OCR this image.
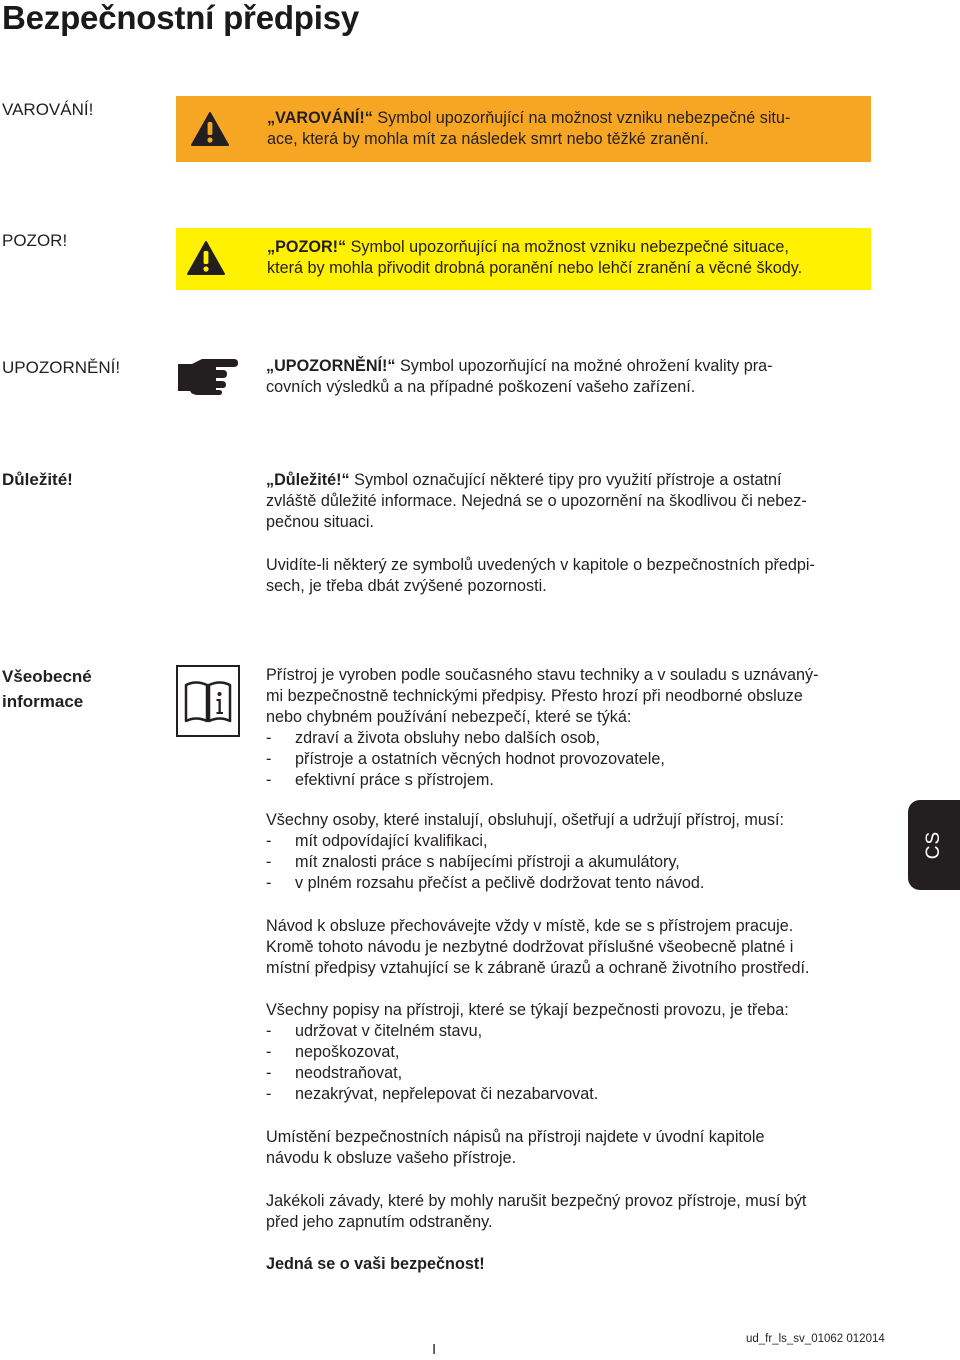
Bezpečnostní předpisy
VAROVÁNÍ!	„VAROVÁNÍ!“ Symbol upozorňující na možnost vzniku nebezpečné situ-
ace, která by mohla mít za následek smrt nebo těžké zranění.
POZOR!	„POZOR!“ Symbol upozorňující na možnost vzniku nebezpečné situace,
která by mohla přivodit drobná poranění nebo lehčí zranění a věcné škody.
UPOZORNĚNÍ!	„UPOZORNĚNÍ!“ Symbol upozorňující na možné ohrožení kvality pra-
covních výsledků a na případné poškození vašeho zařízení.
Důležité!	„Důležité!“ Symbol označující některé tipy pro využití přístroje a ostatní
zvláště důležité informace. Nejedná se o upozornění na škodlivou či nebez-
pečnou situaci.
Uvidíte-li některý ze symbolů uvedených v kapitole o bezpečnostních předpi-
sech, je třeba dbát zvýšené pozornosti.
Všeobecné
informace
Přístroj je vyroben podle současného stavu techniky a v souladu s uznávaný-
mi bezpečnostně technickými předpisy. Přesto hrozí při neodborné obsluze
nebo chybném používání nebezpečí, které se týká:
- zdraví a života obsluhy nebo dalších osob,
- přístroje a ostatních věcných hodnot provozovatele,
- efektivní práce s přístrojem.
Všechny osoby, které instalují, obsluhují, ošetřují a udržují přístroj, musí:
- mít odpovídající kvalifikaci,
- mít znalosti práce s nabíjecími přístroji a akumulátory,
- v plném rozsahu přečíst a pečlivě dodržovat tento návod.
Návod k obsluze přechovávejte vždy v místě, kde se s přístrojem pracuje.
Kromě tohoto návodu je nezbytné dodržovat příslušné všeobecně platné i
místní předpisy vztahující se k zábraně úrazů a ochraně životního prostředí.
Všechny popisy na přístroji, které se týkají bezpečnosti provozu, je třeba:
- udržovat v čitelném stavu,
- nepoškozovat,
- neodstraňovat,
- nezakrývat, nepřelepovat či nezabarvovat.
Umístění bezpečnostních nápisů na přístroji najdete v úvodní kapitole
návodu k obsluze vašeho přístroje.
Jakékoli závady, které by mohly narušit bezpečný provoz přístroje, musí být
před jeho zapnutím odstraněny.
Jedná se o vaši bezpečnost!
CS
I
ud_fr_ls_sv_01062 012014
